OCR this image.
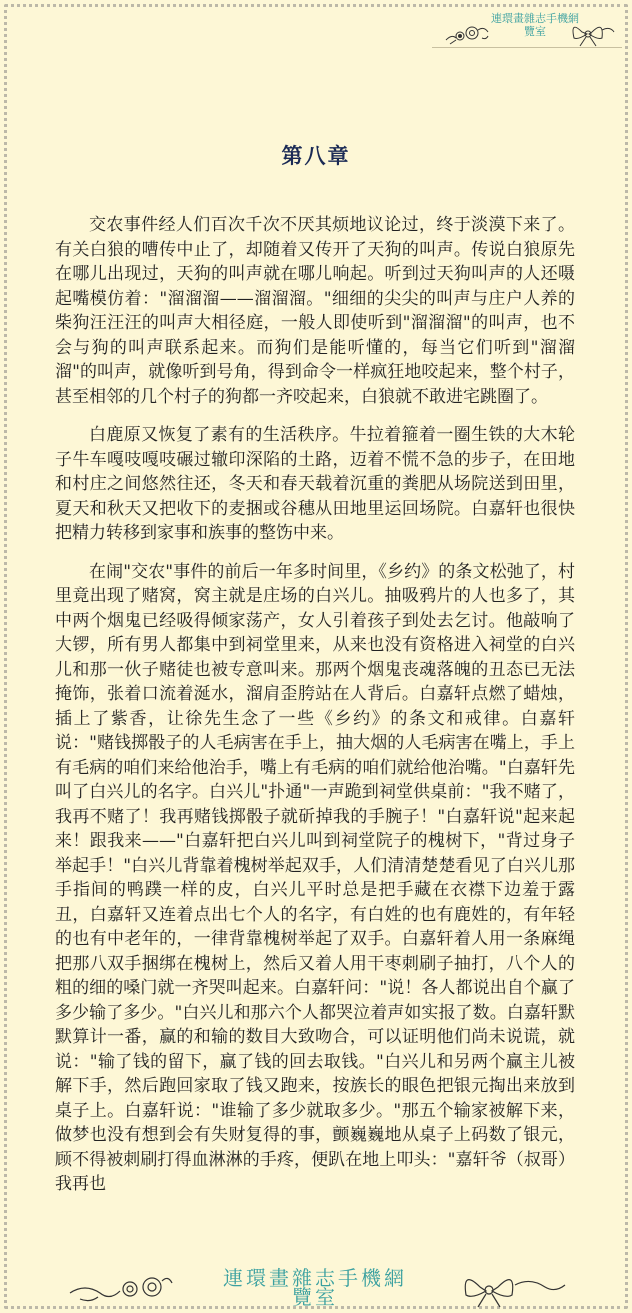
連環畫雜志手機網
覽室
第八章

交农事件经人们百次千次不厌其烦地议论过，终于淡漠下来了。有关白狼的嘈传中止了，却随着又传开了天狗的叫声。传说白狼原先在哪儿出现过，天狗的叫声就在哪儿响起。听到过天狗叫声的人还嗫起嘴模仿着："溜溜溜——溜溜溜。"细细的尖尖的叫声与庄户人养的柴狗汪汪汪的叫声大相径庭，一般人即使听到"溜溜溜"的叫声，也不会与狗的叫声联系起来。而狗们是能听懂的，每当它们听到"溜溜溜"的叫声，就像听到号角，得到命令一样疯狂地咬起来，整个村子，甚至相邻的几个村子的狗都一齐咬起来，白狼就不敢进宅跳圈了。

白鹿原又恢复了素有的生活秩序。牛拉着箍着一圈生铁的大木轮子牛车嘎吱嘎吱碾过辙印深陷的土路，迈着不慌不急的步子，在田地和村庄之间悠然往还，冬天和春天载着沉重的粪肥从场院送到田里，夏天和秋天又把收下的麦捆或谷穗从田地里运回场院。白嘉轩也很快把精力转移到家事和族事的整饬中来。

在闹"交农"事件的前后一年多时间里，《乡约》的条文松弛了，村里竟出现了赌窝，窝主就是庄场的白兴儿。抽吸鸦片的人也多了，其中两个烟鬼已经吸得倾家荡产，女人引着孩子到处去乞讨。他敲响了大锣，所有男人都集中到祠堂里来，从来也没有资格进入祠堂的白兴儿和那一伙子赌徒也被专意叫来。那两个烟鬼丧魂落魄的丑态已无法掩饰，张着口流着涎水，溜肩歪胯站在人背后。白嘉轩点燃了蜡烛，插上了紫香，让徐先生念了一些《乡约》的条文和戒律。白嘉轩说："赌钱掷骰子的人毛病害在手上，抽大烟的人毛病害在嘴上，手上有毛病的咱们来给他治手，嘴上有毛病的咱们就给他治嘴。"白嘉轩先叫了白兴儿的名字。白兴儿"扑通"一声跪到祠堂供桌前："我不赌了，我再不赌了！我再赌钱掷骰子就斫掉我的手腕子！"白嘉轩说"起来起来！跟我来——"白嘉轩把白兴儿叫到祠堂院子的槐树下，"背过身子举起手！"白兴儿背靠着槐树举起双手，人们清清楚楚看见了白兴儿那手指间的鸭蹼一样的皮，白兴儿平时总是把手藏在衣襟下边羞于露丑，白嘉轩又连着点出七个人的名字，有白姓的也有鹿姓的，有年轻的也有中老年的，一律背靠槐树举起了双手。白嘉轩着人用一条麻绳把那八双手捆绑在槐树上，然后又着人用干枣刺刷子抽打，八个人的粗的细的嗓门就一齐哭叫起来。白嘉轩问："说！各人都说出自个赢了多少输了多少。"白兴儿和那六个人都哭泣着声如实报了数。白嘉轩默默算计一番，赢的和输的数目大致吻合，可以证明他们尚未说谎，就说："输了钱的留下，赢了钱的回去取钱。"白兴儿和另两个赢主儿被解下手，然后跑回家取了钱又跑来，按族长的眼色把银元掏出来放到桌子上。白嘉轩说："谁输了多少就取多少。"那五个输家被解下来，做梦也没有想到会有失财复得的事，颤巍巍地从桌子上码数了银元，顾不得被刺刷打得血淋淋的手疼，便趴在地上叩头："嘉轩爷（叔哥）我再也

連環畫雜志手機網
覽室
